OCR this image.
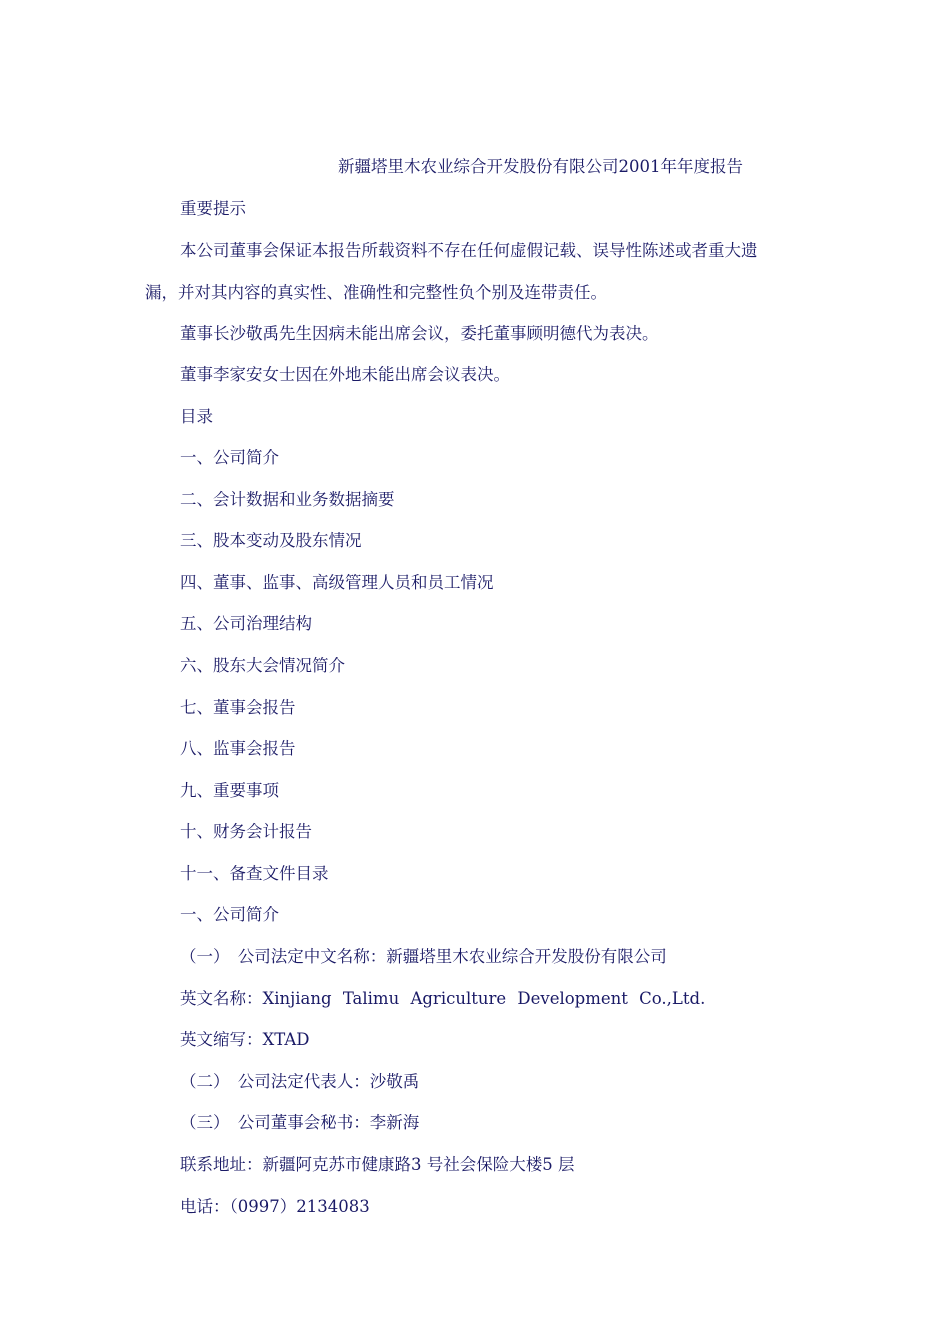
新疆塔里木农业综合开发股份有限公司2001年年度报告
重要提示
本公司董事会保证本报告所载资料不存在任何虚假记载、误导性陈述或者重大遗
漏，并对其内容的真实性、准确性和完整性负个别及连带责任。
董事长沙敬禹先生因病未能出席会议，委托董事顾明德代为表决。
董事李家安女士因在外地未能出席会议表决。
目录
一、公司简介
二、会计数据和业务数据摘要
三、股本变动及股东情况
四、董事、监事、高级管理人员和员工情况
五、公司治理结构
六、股东大会情况简介
七、董事会报告
八、监事会报告
九、重要事项
十、财务会计报告
十一、备查文件目录
一、公司简介
（一）　公司法定中文名称：新疆塔里木农业综合开发股份有限公司
英文名称：Xinjiang Talimu Agriculture Development Co.,Ltd.
英文缩写：XTAD
（二）　公司法定代表人：沙敬禹
（三）　公司董事会秘书：李新海
联系地址：新疆阿克苏市健康路3 号社会保险大楼5 层
电话：（0997）2134083
